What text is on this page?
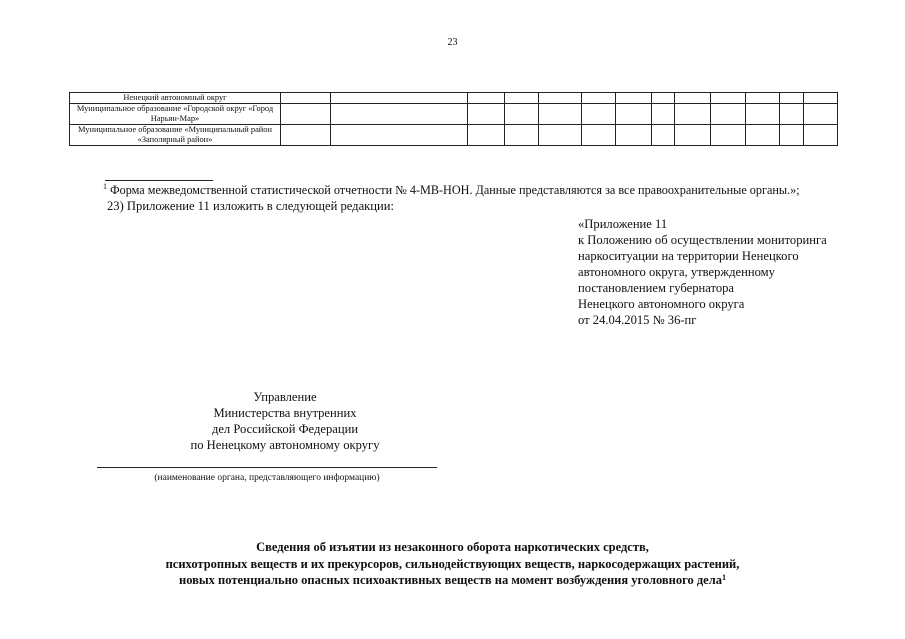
23
Ненецкий автономный округ													
Муниципальное образование «Городской округ «Город Нарьян-Мар»													
Муниципальное образование «Муниципальный район «Заполярный район»													
$^1$ Форма межведомственной статистической отчетности № 4-МВ-НОН. Данные представляются за все правоохранительные органы.»;
23) Приложение 11 изложить в следующей редакции:
«Приложение 11
к Положению об осуществлении мониторинга
наркоситуации на территории Ненецкого
автономного округа, утвержденному
постановлением губернатора
Ненецкого автономного округа
от 24.04.2015 № 36-пг
Управление
Министерства внутренних
дел Российской Федерации
по Ненецкому автономному округу
(наименование органа, представляющего информацию)
Сведения об изъятии из незаконного оборота наркотических средств,
психотропных веществ и их прекурсоров, сильнодействующих веществ, наркосодержащих растений,
новых потенциально опасных психоактивных веществ на момент возбуждения уголовного дела$^1$
